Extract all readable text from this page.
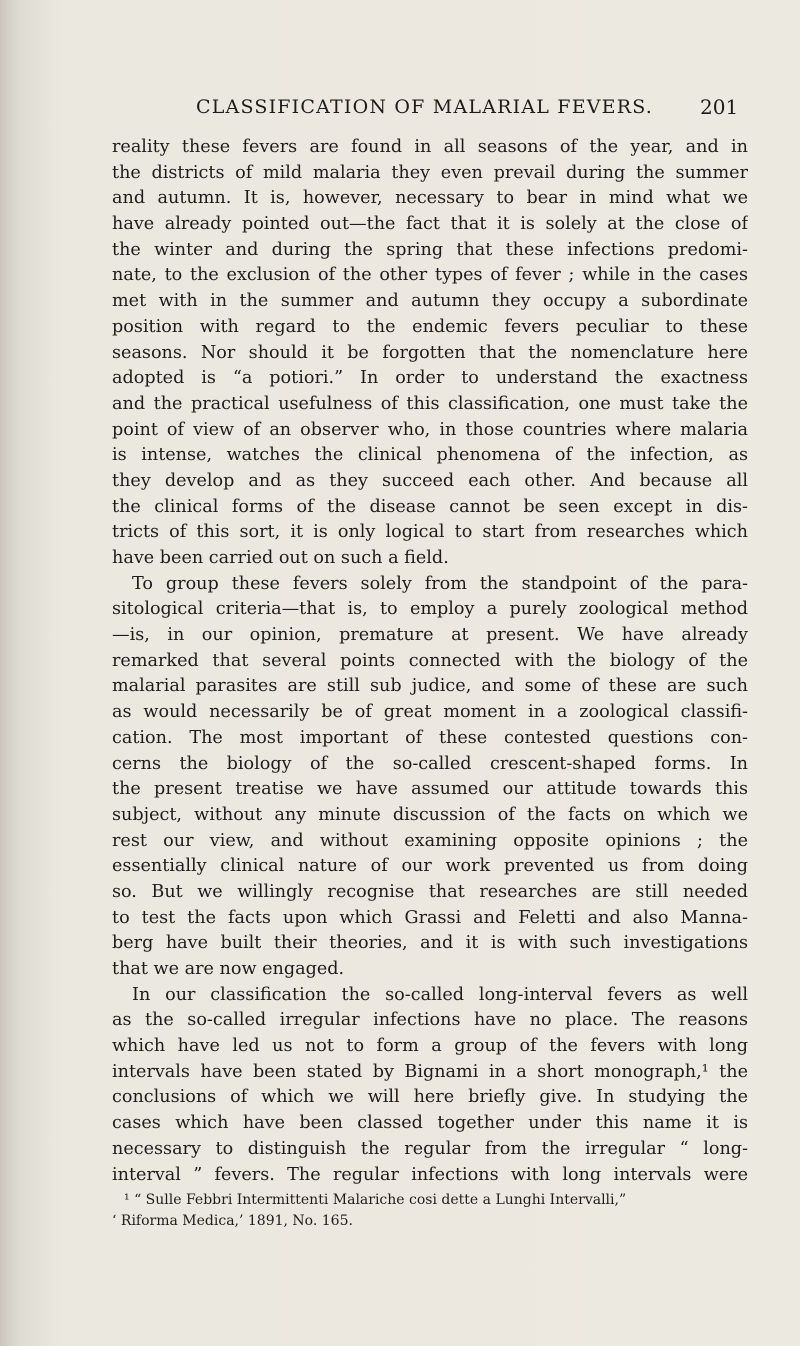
CLASSIFICATION OF MALARIAL FEVERS. 201
reality these fevers are found in all seasons of the year, and in
the districts of mild malaria they even prevail during the summer
and autumn. It is, however, necessary to bear in mind what we
have already pointed out—the fact that it is solely at the close of
the winter and during the spring that these infections predomi-
nate, to the exclusion of the other types of fever ; while in the cases
met with in the summer and autumn they occupy a subordinate
position with regard to the endemic fevers peculiar to these
seasons. Nor should it be forgotten that the nomenclature here
adopted is “a potiori.” In order to understand the exactness
and the practical usefulness of this classification, one must take the
point of view of an observer who, in those countries where malaria
is intense, watches the clinical phenomena of the infection, as
they develop and as they succeed each other. And because all
the clinical forms of the disease cannot be seen except in dis-
tricts of this sort, it is only logical to start from researches which
have been carried out on such a field.
To group these fevers solely from the standpoint of the para-
sitological criteria—that is, to employ a purely zoological method
—is, in our opinion, premature at present. We have already
remarked that several points connected with the biology of the
malarial parasites are still sub judice, and some of these are such
as would necessarily be of great moment in a zoological classifi-
cation. The most important of these contested questions con-
cerns the biology of the so-called crescent-shaped forms. In
the present treatise we have assumed our attitude towards this
subject, without any minute discussion of the facts on which we
rest our view, and without examining opposite opinions ; the
essentially clinical nature of our work prevented us from doing
so. But we willingly recognise that researches are still needed
to test the facts upon which Grassi and Feletti and also Manna-
berg have built their theories, and it is with such investigations
that we are now engaged.
In our classification the so-called long-interval fevers as well
as the so-called irregular infections have no place. The reasons
which have led us not to form a group of the fevers with long
intervals have been stated by Bignami in a short monograph,¹ the
conclusions of which we will here briefly give. In studying the
cases which have been classed together under this name it is
necessary to distinguish the regular from the irregular “ long-
interval ” fevers. The regular infections with long intervals were
¹ “ Sulle Febbri Intermittenti Malariche cosi dette a Lunghi Intervalli,”
‘ Riforma Medica,’ 1891, No. 165.
